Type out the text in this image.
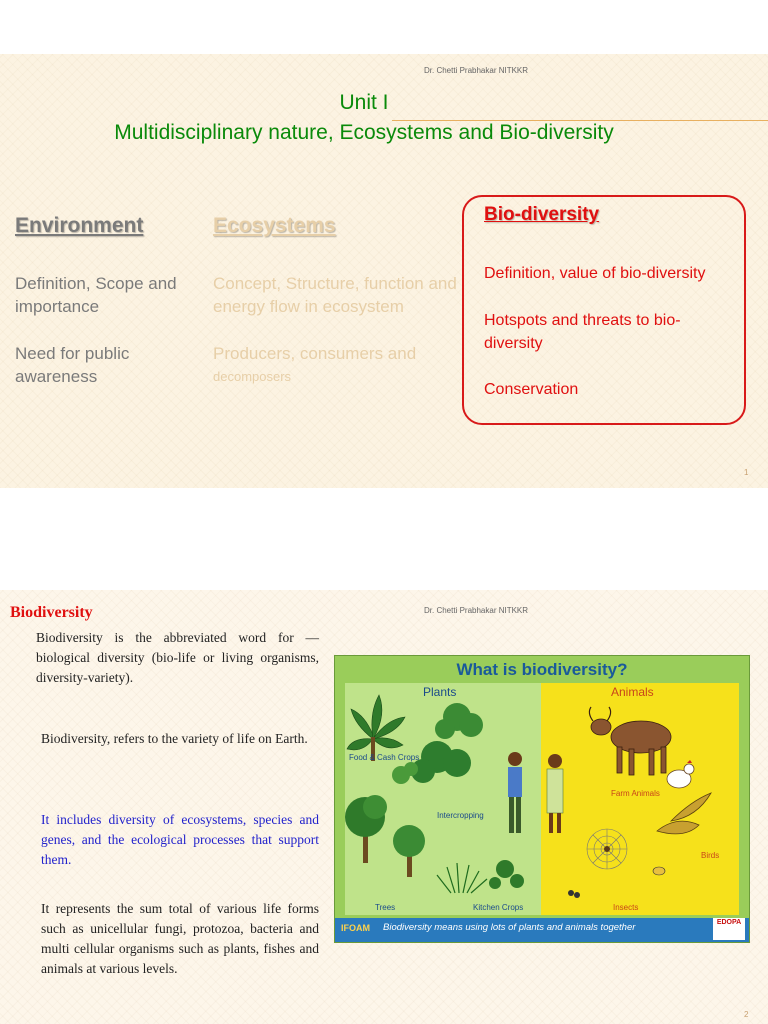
Dr. Chetti Prabhakar NITKKR
Unit I
Multidisciplinary nature, Ecosystems and Bio-diversity
Environment
Definition, Scope and importance
Need for public awareness
Ecosystems
Concept, Structure, function and energy flow in ecosystem
Producers, consumers and
decomposers
Bio-diversity
Definition, value of bio-diversity
Hotspots and threats to bio-diversity
Conservation
1
Dr. Chetti Prabhakar NITKKR
Biodiversity
Biodiversity is the abbreviated word for —biological diversity (bio-life or living organisms, diversity-variety).
Biodiversity, refers to the variety of life on Earth.
It includes diversity of ecosystems, species and genes, and the ecological processes that support them.
It represents the sum total of various life forms such as unicellular fungi, protozoa, bacteria and multi cellular organisms such as plants, fishes and animals at various levels.
What is biodiversity?
Plants
Food & Cash Crops
Intercropping
Trees	Kitchen Crops
Animals
Farm Animals
Birds
Insects
IFOAM Biodiversity means using lots of plants and animals together	EDOPA
2
